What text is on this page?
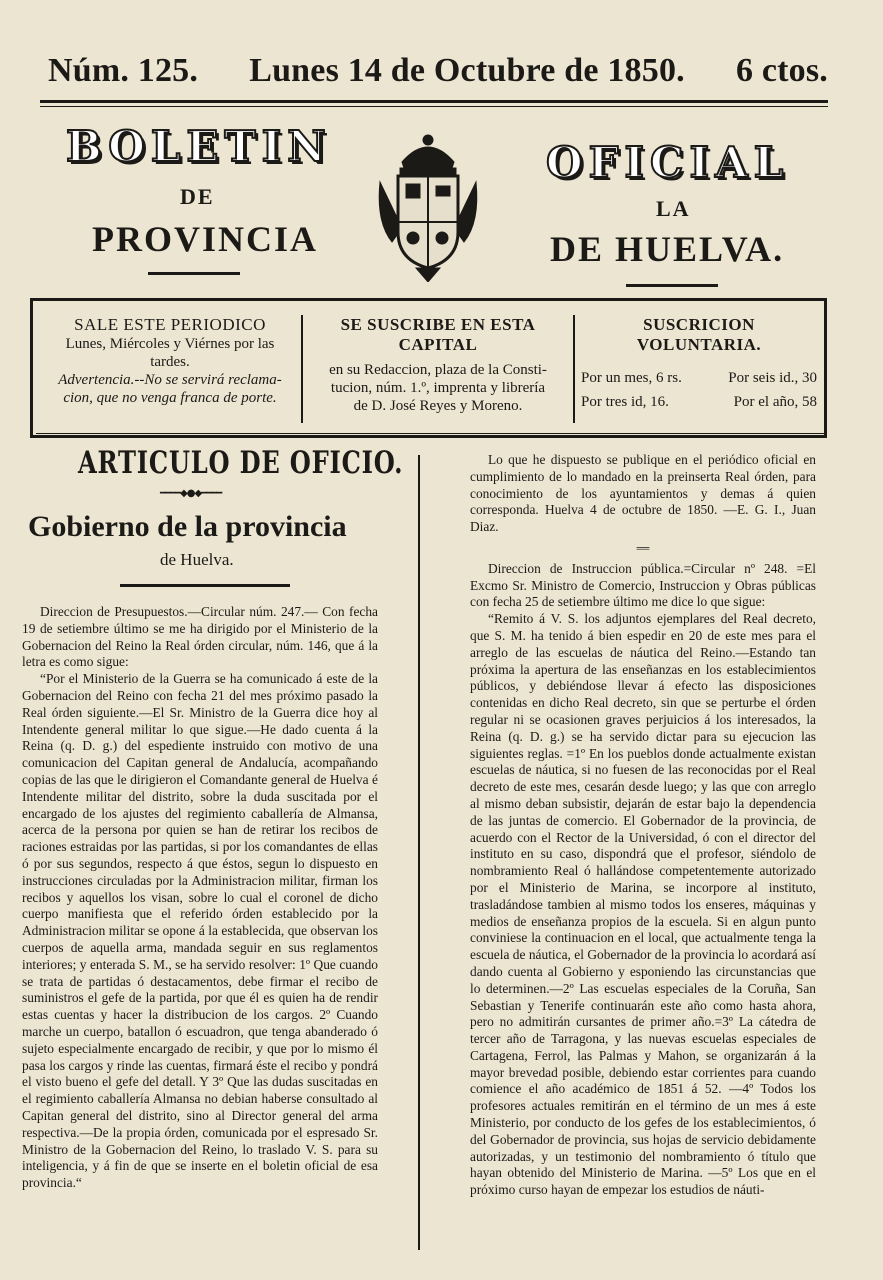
Núm. 125. Lunes 14 de Octubre de 1850. 6 ctos.
BOLETIN
DE
PROVINCIA
OFICIAL
LA
DE HUELVA.
SALE ESTE PERIODICO
Lunes, Miércoles y Viérnes por las
tardes.
Advertencia.--No se servirá reclama-
cion, que no venga franca de porte.
SE SUSCRIBE EN ESTA CAPITAL
en su Redaccion, plaza de la Consti-
tucion, núm. 1.º, imprenta y librería
de D. José Reyes y Moreno.
SUSCRICION VOLUNTARIA.
Por un mes, 6 rs.	Por seis id., 30
Por tres id, 16.	Por el año, 58
ARTICULO DE OFICIO.
━━━━◆●◆━━━━
Gobierno de la provincia
de Huelva.

Direccion de Presupuestos.—Circular núm. 247.— Con fecha 19 de setiembre último se me ha dirigido por el Ministerio de la Gobernacion del Reino la Real órden circular, núm. 146, que á la letra es como sigue:

“Por el Ministerio de la Guerra se ha comunicado á este de la Gobernacion del Reino con fecha 21 del mes próximo pasado la Real órden siguiente.—El Sr. Ministro de la Guerra dice hoy al Intendente general militar lo que sigue.—He dado cuenta á la Reina (q. D. g.) del espediente instruido con motivo de una comunicacion del Capitan general de Andalucía, acompañando copias de las que le dirigieron el Comandante general de Huelva é Intendente militar del distrito, sobre la duda suscitada por el encargado de los ajustes del regimiento caballería de Almansa, acerca de la persona por quien se han de retirar los recibos de raciones estraidas por las partidas, si por los comandantes de ellas ó por sus segundos, respecto á que éstos, segun lo dispuesto en instrucciones circuladas por la Administracion militar, firman los recibos y aquellos los visan, sobre lo cual el coronel de dicho cuerpo manifiesta que el referido órden establecido por la Administracion militar se opone á la establecida, que observan los cuerpos de aquella arma, mandada seguir en sus reglamentos interiores; y enterada S. M., se ha servido resolver: 1º Que cuando se trata de partidas ó destacamentos, debe firmar el recibo de suministros el gefe de la partida, por que él es quien ha de rendir estas cuentas y hacer la distribucion de los cargos. 2º Cuando marche un cuerpo, batallon ó escuadron, que tenga abanderado ó sujeto especialmente encargado de recibir, y que por lo mismo él pasa los cargos y rinde las cuentas, firmará éste el recibo y pondrá el visto bueno el gefe del detall. Y 3º Que las dudas suscitadas en el regimiento caballería Almansa no debian haberse consultado al Capitan general del distrito, sino al Director general del arma respectiva.—De la propia órden, comunicada por el espresado Sr. Ministro de la Gobernacion del Reino, lo traslado V. S. para su inteligencia, y á fin de que se inserte en el boletin oficial de esa provincia.“

Lo que he dispuesto se publique en el periódico oficial en cumplimiento de lo mandado en la preinserta Real órden, para conocimiento de los ayuntamientos y demas á quien corresponda. Huelva 4 de octubre de 1850. —E. G. I., Juan Diaz.

══

Direccion de Instruccion pública.=Circular nº 248. =El Excmo Sr. Ministro de Comercio, Instruccion y Obras públicas con fecha 25 de setiembre último me dice lo que sigue:

“Remito á V. S. los adjuntos ejemplares del Real decreto, que S. M. ha tenido á bien espedir en 20 de este mes para el arreglo de las escuelas de náutica del Reino.—Estando tan próxima la apertura de las enseñanzas en los establecimientos públicos, y debiéndose llevar á efecto las disposiciones contenidas en dicho Real decreto, sin que se perturbe el órden regular ni se ocasionen graves perjuicios á los interesados, la Reina (q. D. g.) se ha servido dictar para su ejecucion las siguientes reglas. =1º En los pueblos donde actualmente existan escuelas de náutica, si no fuesen de las reconocidas por el Real decreto de este mes, cesarán desde luego; y las que con arreglo al mismo deban subsistir, dejarán de estar bajo la dependencia de las juntas de comercio. El Gobernador de la provincia, de acuerdo con el Rector de la Universidad, ó con el director del instituto en su caso, dispondrá que el profesor, siéndolo de nombramiento Real ó hallándose competentemente autorizado por el Ministerio de Marina, se incorpore al instituto, trasladándose tambien al mismo todos los enseres, máquinas y medios de enseñanza propios de la escuela. Si en algun punto conviniese la continuacion en el local, que actualmente tenga la escuela de náutica, el Gobernador de la provincia lo acordará así dando cuenta al Gobierno y esponiendo las circunstancias que lo determinen.—2º Las escuelas especiales de la Coruña, San Sebastian y Tenerife continuarán este año como hasta ahora, pero no admitirán cursantes de primer año.=3º La cátedra de tercer año de Tarragona, y las nuevas escuelas especiales de Cartagena, Ferrol, las Palmas y Mahon, se organizarán á la mayor brevedad posible, debiendo estar corrientes para cuando comience el año académico de 1851 á 52. —4º Todos los profesores actuales remitirán en el término de un mes á este Ministerio, por conducto de los gefes de los establecimientos, ó del Gobernador de provincia, sus hojas de servicio debidamente autorizadas, y un testimonio del nombramiento ó título que hayan obtenido del Ministerio de Marina. —5º Los que en el próximo curso hayan de empezar los estudios de náuti-
